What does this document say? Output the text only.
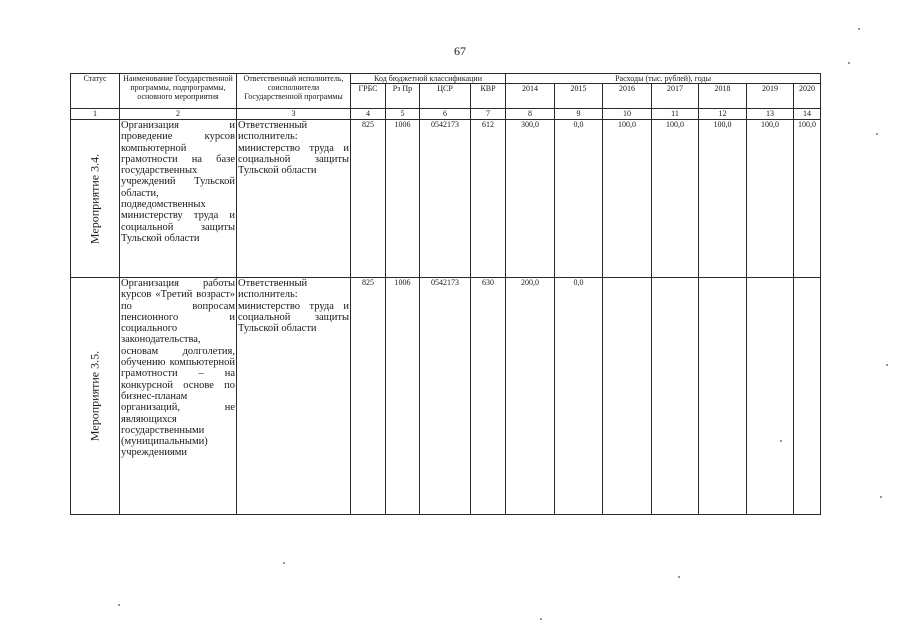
67
Статус	Наименование Государственной программы, подпрограммы, основного мероприятия	Ответственный исполнитель, соисполнители Государственной программы	Код бюджетной классификации				Расходы (тыс. рублей), годы						
			ГРБС	Рз Пр	ЦСР	КВР	2014	2015	2016	2017	2018	2019	2020
1	2	3	4	5	6	7	8	9	10	11	12	13	14

Мероприятие 3.4.	Организация и проведение курсов компьютерной грамотности на базе государственных учреждений Тульской области, подведомственных министерству труда и социальной защиты Тульской области	Ответственный исполнитель: министерство труда и социальной защиты Тульской области	825	1006	0542173	612	300,0	0,0	100,0	100,0	100,0	100,0	100,0

Мероприятие 3.5.	Организация работы курсов «Третий возраст» по вопросам пенсионного и социального законодательства, основам долголетия, обучению компьютерной грамотности – на конкурсной основе по бизнес-планам организаций, не являющихся государственными (муниципальными) учреждениями	Ответственный исполнитель: министерство труда и социальной защиты Тульской области	825	1006	0542173	630	200,0	0,0					
